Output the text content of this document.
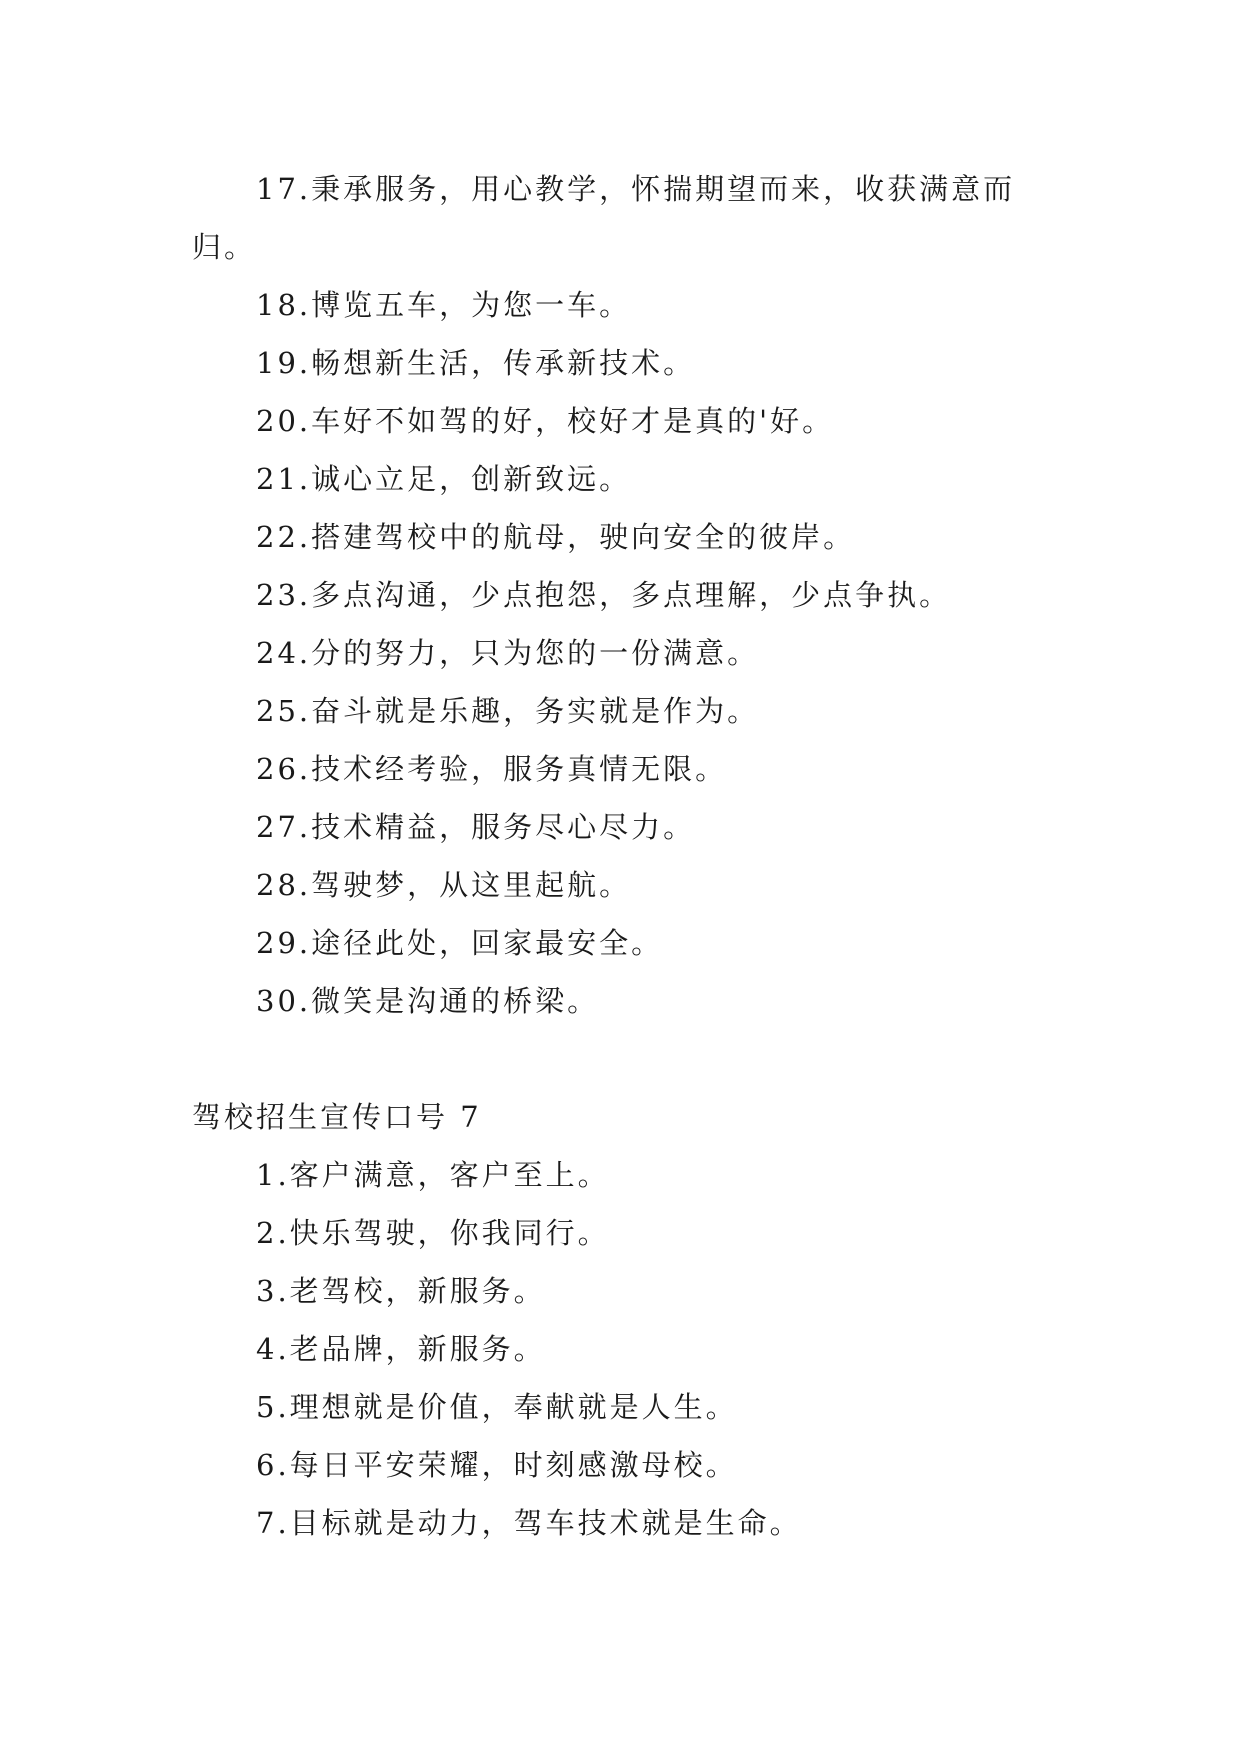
17.秉承服务，用心教学，怀揣期望而来，收获满意而归。

18.博览五车，为您一车。

19.畅想新生活，传承新技术。

20.车好不如驾的好，校好才是真的'好。

21.诚心立足，创新致远。

22.搭建驾校中的航母，驶向安全的彼岸。

23.多点沟通，少点抱怨，多点理解，少点争执。

24.分的努力，只为您的一份满意。

25.奋斗就是乐趣，务实就是作为。

26.技术经考验，服务真情无限。

27.技术精益，服务尽心尽力。

28.驾驶梦，从这里起航。

29.途径此处，回家最安全。

30.微笑是沟通的桥梁。

驾校招生宣传口号 7

1.客户满意，客户至上。

2.快乐驾驶，你我同行。

3.老驾校，新服务。

4.老品牌，新服务。

5.理想就是价值，奉献就是人生。

6.每日平安荣耀，时刻感激母校。

7.目标就是动力，驾车技术就是生命。
